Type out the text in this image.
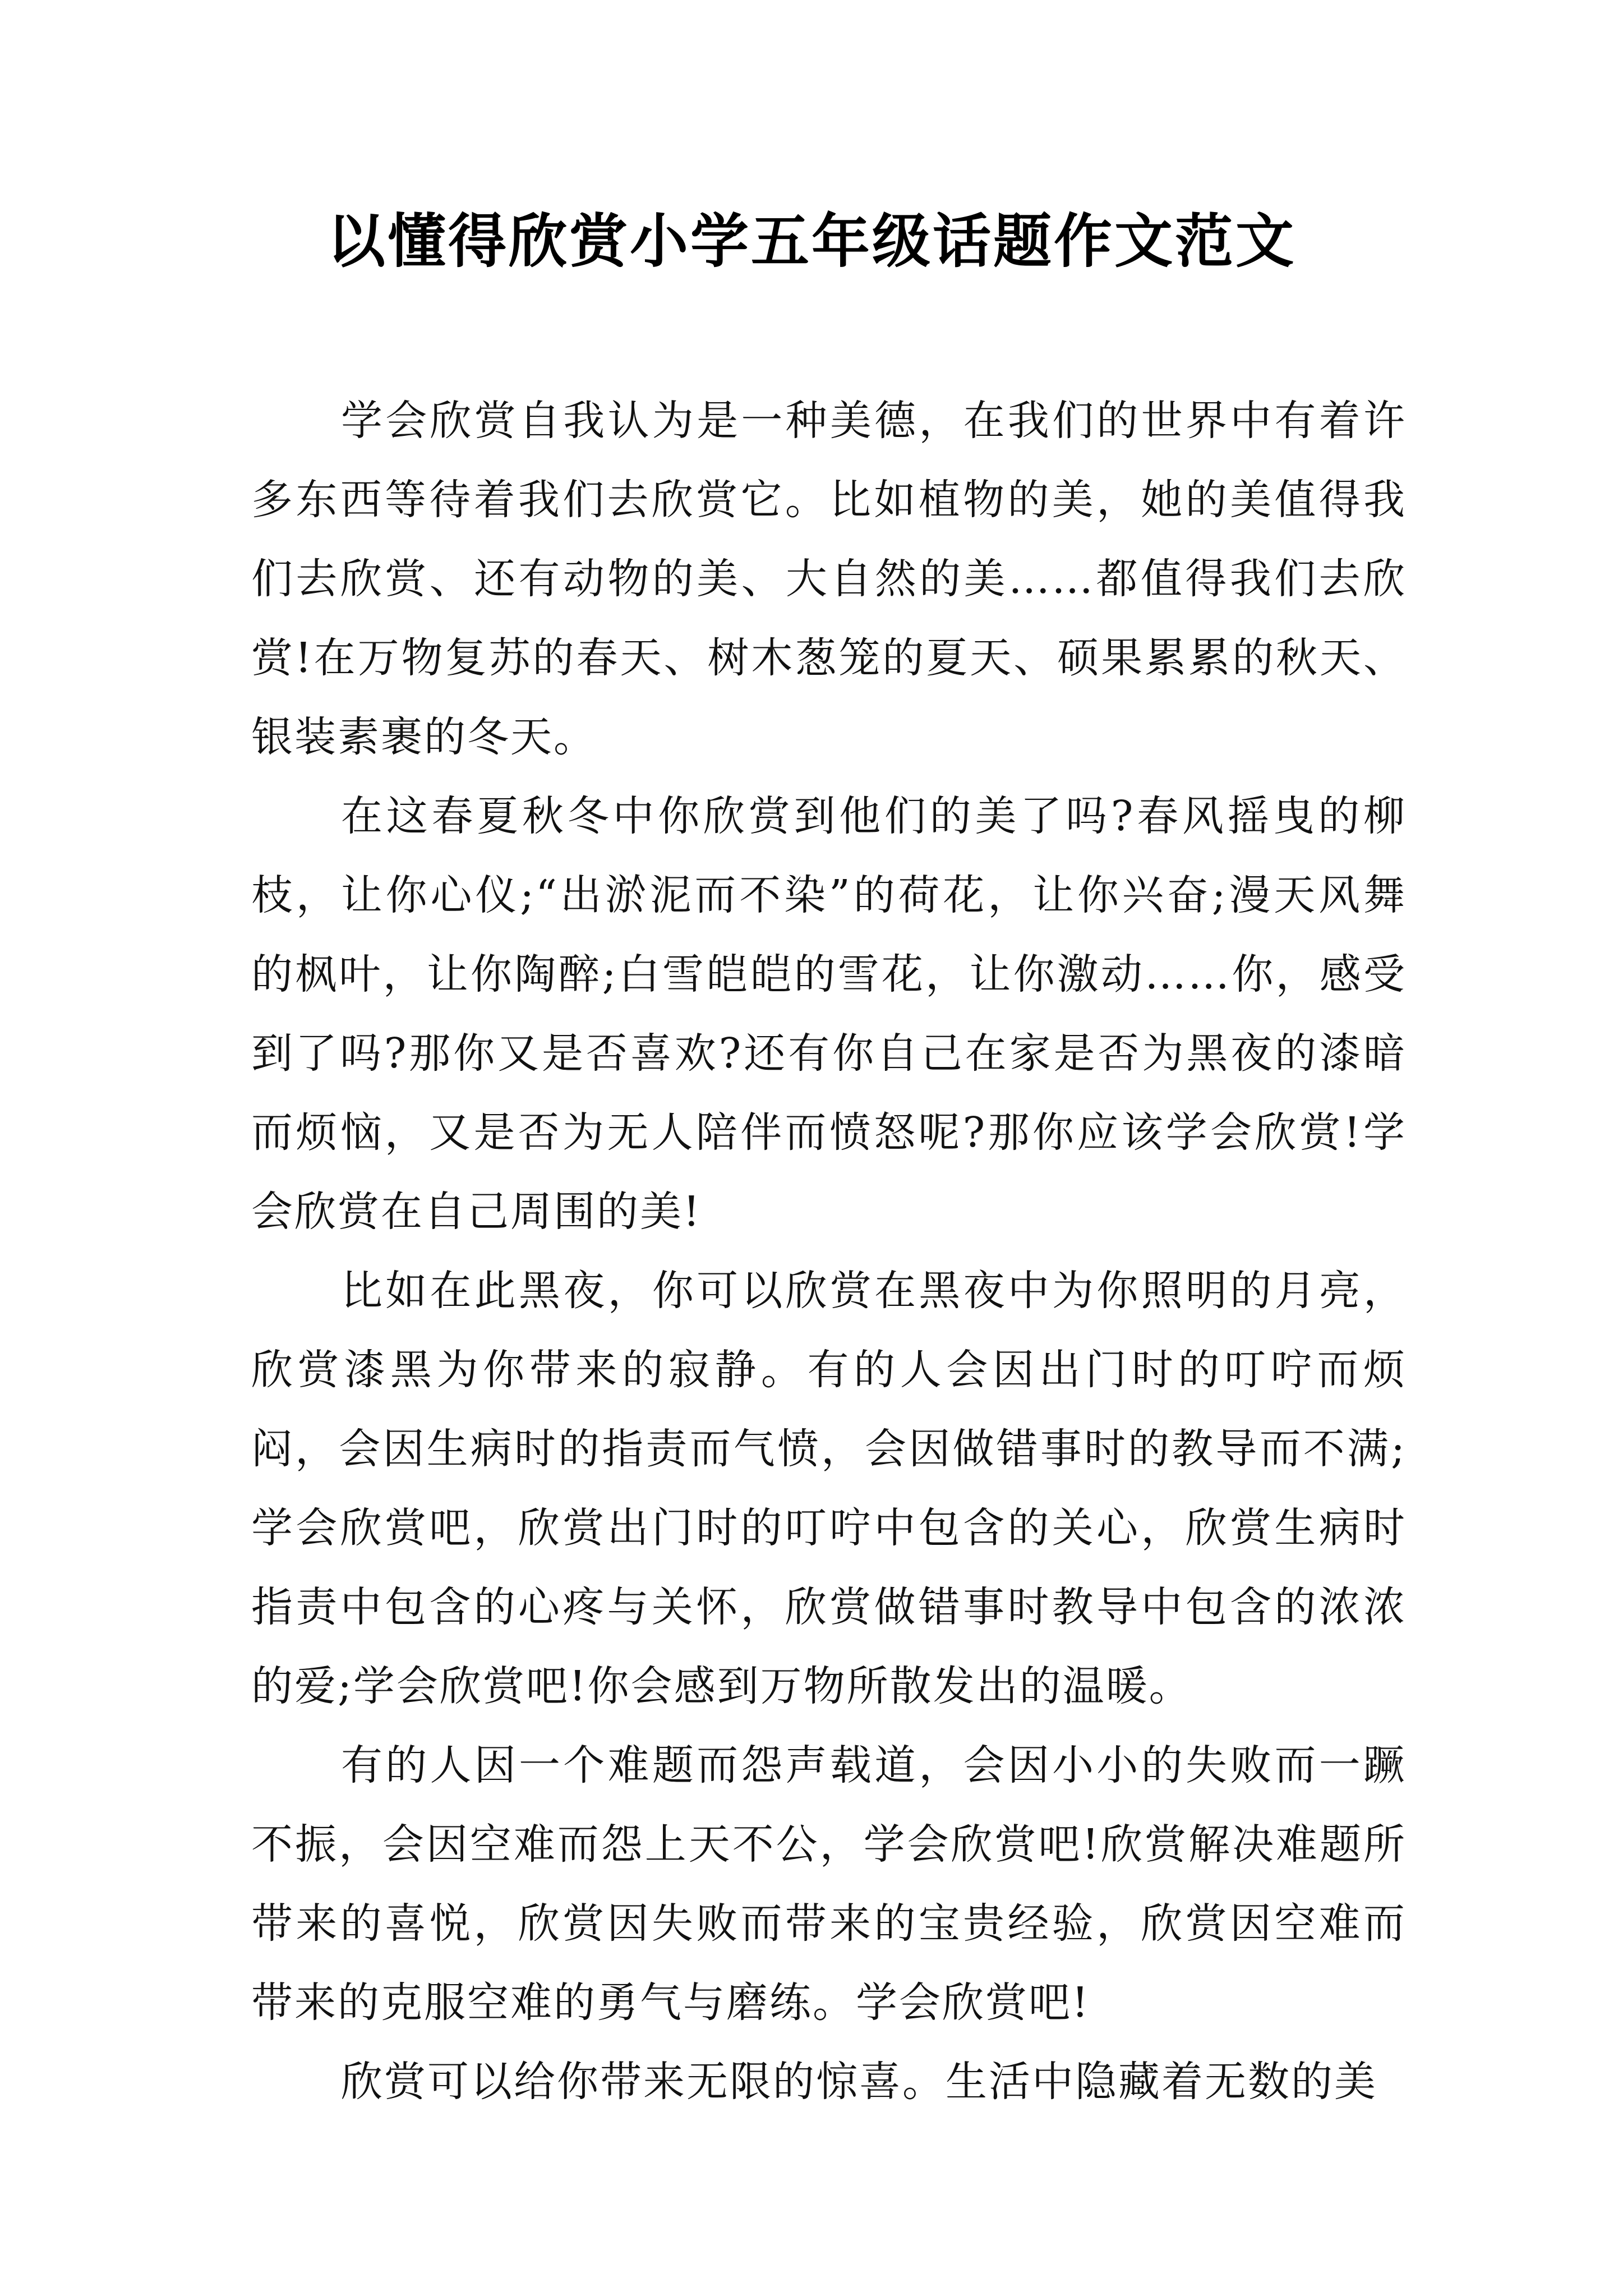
以懂得欣赏小学五年级话题作文范文

学会欣赏自我认为是一种美德，在我们的世界中有着许多东西等待着我们去欣赏它。比如植物的美，她的美值得我们去欣赏、还有动物的美、大自然的美……都值得我们去欣赏!在万物复苏的春天、树木葱笼的夏天、硕果累累的秋天、银装素裹的冬天。

在这春夏秋冬中你欣赏到他们的美了吗?春风摇曳的柳枝，让你心仪;“出淤泥而不染”的荷花，让你兴奋;漫天风舞的枫叶，让你陶醉;白雪皑皑的雪花，让你激动……你，感受到了吗?那你又是否喜欢?还有你自己在家是否为黑夜的漆暗而烦恼，又是否为无人陪伴而愤怒呢?那你应该学会欣赏!学会欣赏在自己周围的美!

比如在此黑夜，你可以欣赏在黑夜中为你照明的月亮，欣赏漆黑为你带来的寂静。有的人会因出门时的叮咛而烦闷，会因生病时的指责而气愤，会因做错事时的教导而不满;学会欣赏吧，欣赏出门时的叮咛中包含的关心，欣赏生病时指责中包含的心疼与关怀，欣赏做错事时教导中包含的浓浓的爱;学会欣赏吧!你会感到万物所散发出的温暖。

有的人因一个难题而怨声载道，会因小小的失败而一蹶不振，会因空难而怨上天不公，学会欣赏吧!欣赏解决难题所带来的喜悦，欣赏因失败而带来的宝贵经验，欣赏因空难而带来的克服空难的勇气与磨练。学会欣赏吧!

欣赏可以给你带来无限的惊喜。生活中隐藏着无数的美
